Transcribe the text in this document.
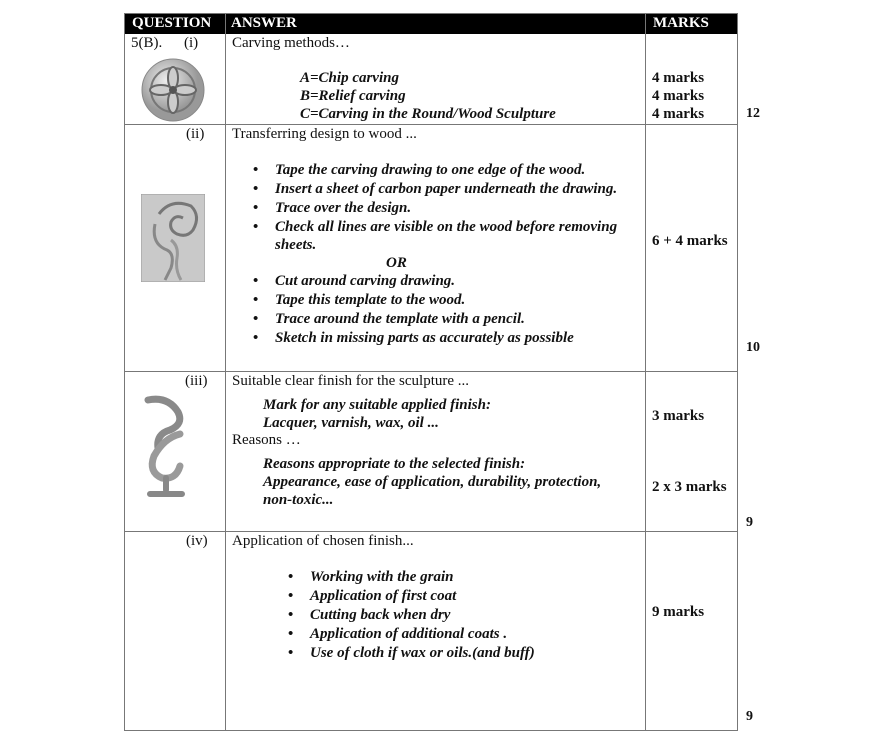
QUESTION ANSWER	MARKS
5(B). (i) Carving methods…
A=Chip carving
B=Relief carving
C=Carving in the Round/Wood Sculpture
4 marks
4 marks
4 marks	12
(ii) Transferring design to wood ...
• Tape the carving drawing to one edge of the wood.
• Insert a sheet of carbon paper underneath the drawing.
• Trace over the design.
• Check all lines are visible on the wood before removing
sheets.
OR
• Cut around carving drawing.
• Tape this template to the wood.
• Trace around the template with a pencil.
• Sketch in missing parts as accurately as possible
6 + 4 marks
10
(iii) Suitable clear finish for the sculpture ...
Mark for any suitable applied finish:
Lacquer, varnish, wax, oil ...
Reasons …
Reasons appropriate to the selected finish:
Appearance, ease of application, durability, protection,
non-toxic...
3 marks
2 x 3 marks
9
(iv) Application of chosen finish...
• Working with the grain
• Application of first coat
• Cutting back when dry
• Application of additional coats .
• Use of cloth if wax or oils.(and buff)
9 marks
9
